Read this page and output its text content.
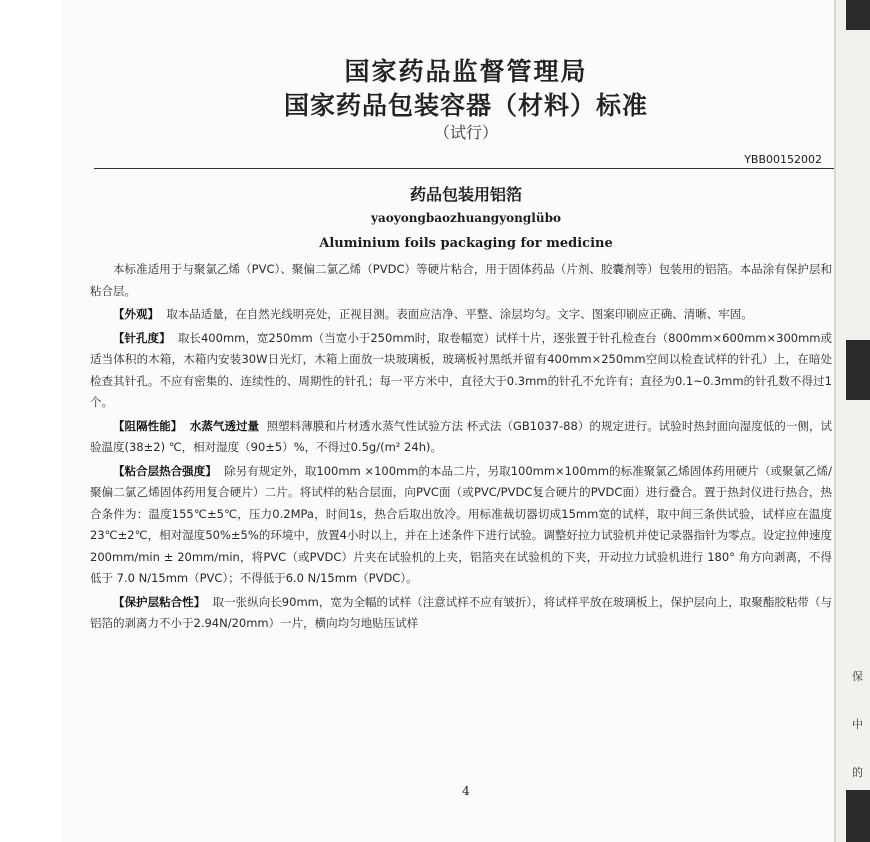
国家药品监督管理局
国家药品包装容器（材料）标准
（试行）
YBB00152002
药品包装用铝箔
yaoyongbaozhuangyonglübo
Aluminium foils packaging for medicine

本标准适用于与聚氯乙烯（PVC）、聚偏二氯乙烯（PVDC）等硬片粘合，用于固体药品（片剂、胶囊剂等）包装用的铝箔。本品涂有保护层和粘合层。

【外观】 取本品适量，在自然光线明亮处，正视目测。表面应洁净、平整、涂层均匀。文字、图案印刷应正确、清晰、牢固。

【针孔度】 取长400mm，宽250mm（当宽小于250mm时，取卷幅宽）试样十片，逐张置于针孔检查台（800mm×600mm×300mm或适当体积的木箱，木箱内安装30W日光灯，木箱上面放一块玻璃板，玻璃板衬黑纸并留有400mm×250mm空间以检查试样的针孔）上，在暗处检查其针孔。不应有密集的、连续性的、周期性的针孔；每一平方米中，直径大于0.3mm的针孔不允许有；直径为0.1~0.3mm的针孔数不得过1个。

【阻隔性能】 水蒸气透过量 照塑料薄膜和片材透水蒸气性试验方法 杯式法（GB1037-88）的规定进行。试验时热封面向湿度低的一侧，试验温度(38±2) ℃，相对湿度（90±5）%，不得过0.5g/(m² 24h)。

【粘合层热合强度】 除另有规定外，取100mm ×100mm的本品二片，另取100mm×100mm的标准聚氯乙烯固体药用硬片（或聚氯乙烯/聚偏二氯乙烯固体药用复合硬片）二片。将试样的粘合层面，向PVC面（或PVC/PVDC复合硬片的PVDC面）进行叠合。置于热封仪进行热合，热合条件为：温度155℃±5℃，压力0.2MPa，时间1s，热合后取出放冷。用标准裁切器切成15mm宽的试样，取中间三条供试验，试样应在温度23℃±2℃，相对湿度50%±5%的环境中，放置4小时以上，并在上述条件下进行试验。调整好拉力试验机并使记录器指针为零点。设定拉伸速度200mm/min ± 20mm/min，将PVC（或PVDC）片夹在试验机的上夹，铝箔夹在试验机的下夹，开动拉力试验机进行 180° 角方向剥离，不得低于 7.0 N/15mm（PVC）；不得低于6.0 N/15mm（PVDC）。

【保护层粘合性】 取一张纵向长90mm，宽为全幅的试样（注意试样不应有皱折），将试样平放在玻璃板上，保护层向上，取聚酯胶粘带（与铝箔的剥离力不小于2.94N/20mm）一片，横向均匀地贴压试样

4
保
中
的
